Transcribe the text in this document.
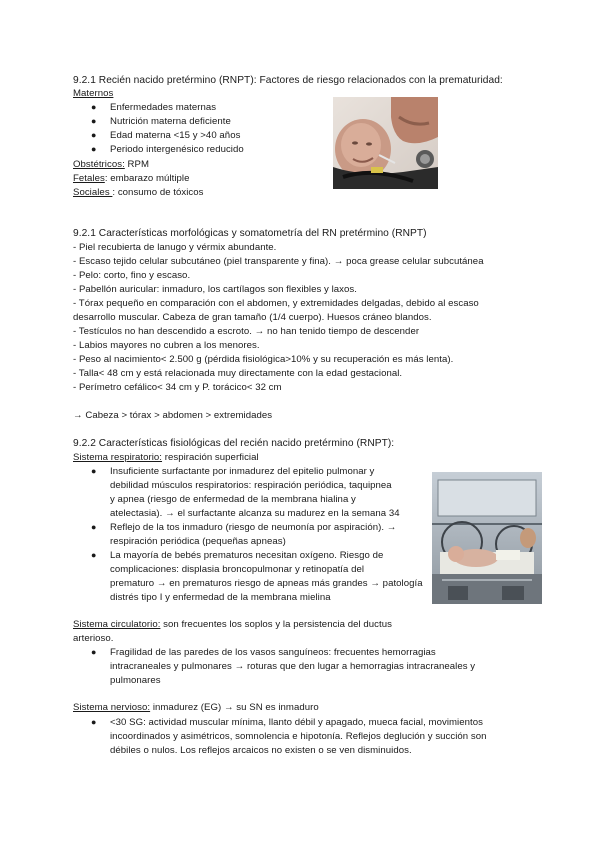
9.2.1 Recién nacido pretérmino (RNPT): Factores de riesgo relacionados con la prematuridad:
Maternos
● Enfermedades maternas
● Nutrición materna deficiente
● Edad materna <15 y >40 años
● Periodo intergenésico reducido
Obstétricos: RPM
Fetales: embarazo múltiple
Sociales : consumo de tóxicos
9.2.1 Características morfológicas y somatometría del RN pretérmino (RNPT)
- Piel recubierta de lanugo y vérmix abundante.
- Escaso tejido celular subcutáneo (piel transparente y fina). → poca grease celular subcutánea
- Pelo: corto, fino y escaso.
- Pabellón auricular: inmaduro, los cartílagos son flexibles y laxos.
- Tórax pequeño en comparación con el abdomen, y extremidades delgadas, debido al escaso
desarrollo muscular. Cabeza de gran tamaño (1/4 cuerpo). Huesos cráneo blandos.
- Testículos no han descendido a escroto. → no han tenido tiempo de descender
- Labios mayores no cubren a los menores.
- Peso al nacimiento< 2.500 g (pérdida fisiológica>10% y su recuperación es más lenta).
- Talla< 48 cm y está relacionada muy directamente con la edad gestacional.
- Perímetro cefálico< 34 cm y P. torácico< 32 cm
→ Cabeza > tórax > abdomen > extremidades
9.2.2 Características fisiológicas del recién nacido pretérmino (RNPT):
Sistema respiratorio: respiración superficial
● Insuficiente surfactante por inmadurez del epitelio pulmonar y
debilidad músculos respiratorios: respiración periódica, taquipnea
y apnea (riesgo de enfermedad de la membrana hialina y
atelectasia). → el surfactante alcanza su madurez en la semana 34
● Reflejo de la tos inmaduro (riesgo de neumonía por aspiración). →
respiración periódica (pequeñas apneas)
● La mayoría de bebés prematuros necesitan oxígeno. Riesgo de
complicaciones: displasia broncopulmonar y retinopatía del
prematuro → en prematuros riesgo de apneas más grandes → patología
distrés tipo I y enfermedad de la membrana mielina
Sistema circulatorio: son frecuentes los soplos y la persistencia del ductus
arterioso.
● Fragilidad de las paredes de los vasos sanguíneos: frecuentes hemorragias
intracraneales y pulmonares → roturas que den lugar a hemorragias intracraneales y
pulmonares
Sistema nervioso: inmadurez (EG) → su SN es inmaduro
● <30 SG: actividad muscular mínima, llanto débil y apagado, mueca facial, movimientos
incoordinados y asimétricos, somnolencia e hipotonía. Reflejos deglución y succión son
débiles o nulos. Los reflejos arcaicos no existen o se ven disminuidos.
